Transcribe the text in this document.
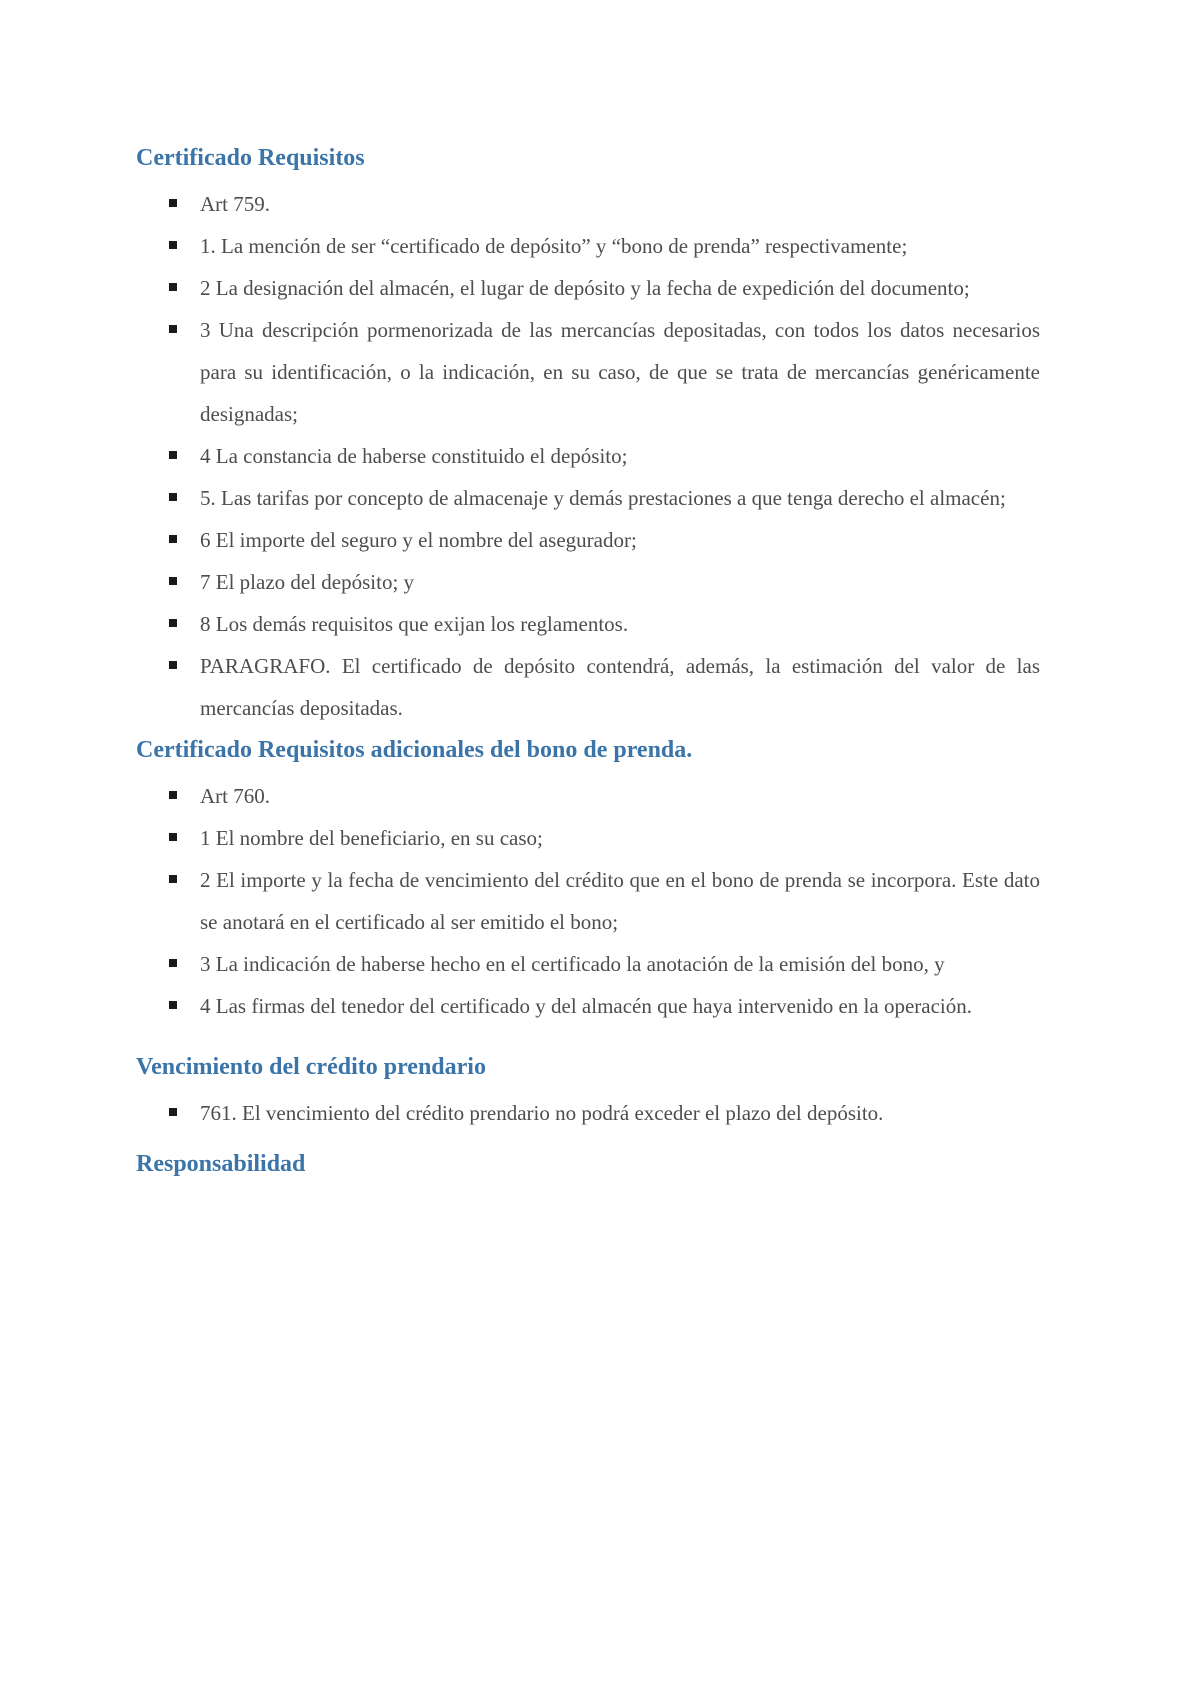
Certificado Requisitos
Art 759.
1. La mención de ser “certificado de depósito” y “bono de prenda” respectivamente;
2 La designación del almacén, el lugar de depósito y la fecha de expedición del documento;
3 Una descripción pormenorizada de las mercancías depositadas, con todos los datos necesarios para su identificación, o la indicación, en su caso, de que se trata de mercancías genéricamente designadas;
4 La constancia de haberse constituido el depósito;
5. Las tarifas por concepto de almacenaje y demás prestaciones a que tenga derecho el almacén;
6 El importe del seguro y el nombre del asegurador;
7 El plazo del depósito; y
8 Los demás requisitos que exijan los reglamentos.
PARAGRAFO. El certificado de depósito contendrá, además, la estimación del valor de las mercancías depositadas.
Certificado Requisitos adicionales del bono de prenda.
Art 760.
1 El nombre del beneficiario, en su caso;
2 El importe y la fecha de vencimiento del crédito que en el bono de prenda se incorpora. Este dato se anotará en el certificado al ser emitido el bono;
3 La indicación de haberse hecho en el certificado la anotación de la emisión del bono, y
4 Las firmas del tenedor del certificado y del almacén que haya intervenido en la operación.
Vencimiento del crédito prendario
761. El vencimiento del crédito prendario no podrá exceder el plazo del depósito.
Responsabilidad
